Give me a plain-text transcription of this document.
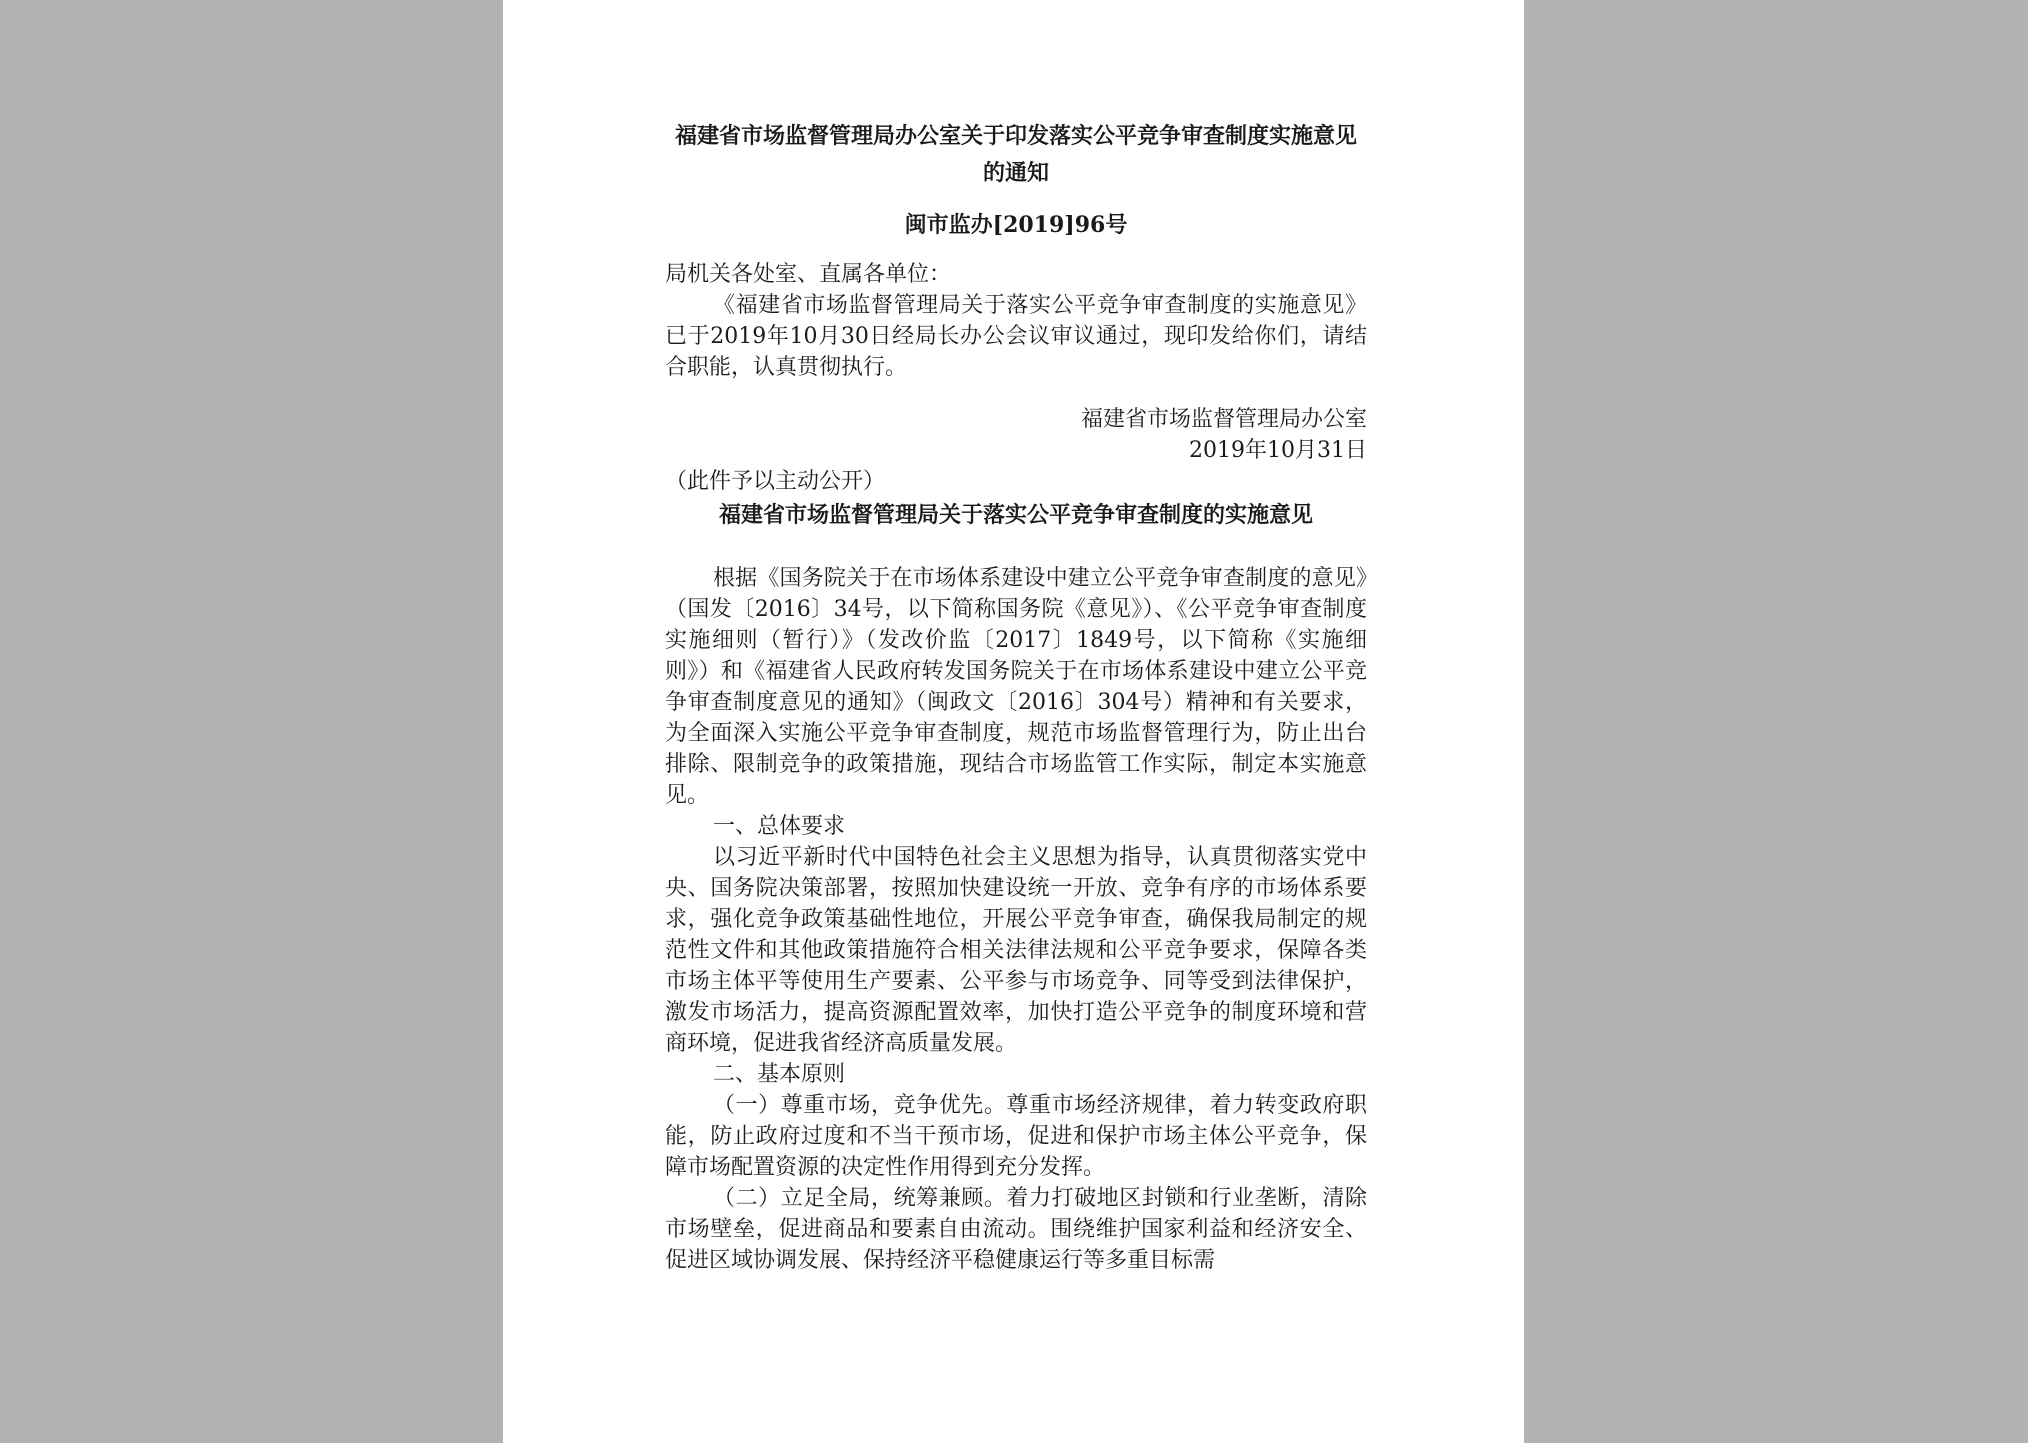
福建省市场监督管理局办公室关于印发落实公平竞争审查制度实施意见的通知
闽市监办[2019]96号
局机关各处室、直属各单位：

《福建省市场监督管理局关于落实公平竞争审查制度的实施意见》已于2019年10月30日经局长办公会议审议通过，现印发给你们，请结合职能，认真贯彻执行。

福建省市场监督管理局办公室
2019年10月31日
（此件予以主动公开）
福建省市场监督管理局关于落实公平竞争审查制度的实施意见

根据《国务院关于在市场体系建设中建立公平竞争审查制度的意见》（国发〔2016〕34号，以下简称国务院《意见》）、《公平竞争审查制度实施细则（暂行）》（发改价监〔2017〕1849号，以下简称《实施细则》）和《福建省人民政府转发国务院关于在市场体系建设中建立公平竞争审查制度意见的通知》（闽政文〔2016〕304号）精神和有关要求，为全面深入实施公平竞争审查制度，规范市场监督管理行为，防止出台排除、限制竞争的政策措施，现结合市场监管工作实际，制定本实施意见。

一、总体要求

以习近平新时代中国特色社会主义思想为指导，认真贯彻落实党中央、国务院决策部署，按照加快建设统一开放、竞争有序的市场体系要求，强化竞争政策基础性地位，开展公平竞争审查，确保我局制定的规范性文件和其他政策措施符合相关法律法规和公平竞争要求，保障各类市场主体平等使用生产要素、公平参与市场竞争、同等受到法律保护，激发市场活力，提高资源配置效率，加快打造公平竞争的制度环境和营商环境，促进我省经济高质量发展。

二、基本原则

（一）尊重市场，竞争优先。尊重市场经济规律，着力转变政府职能，防止政府过度和不当干预市场，促进和保护市场主体公平竞争，保障市场配置资源的决定性作用得到充分发挥。

（二）立足全局，统筹兼顾。着力打破地区封锁和行业垄断，清除市场壁垒，促进商品和要素自由流动。围绕维护国家利益和经济安全、促进区域协调发展、保持经济平稳健康运行等多重目标需
